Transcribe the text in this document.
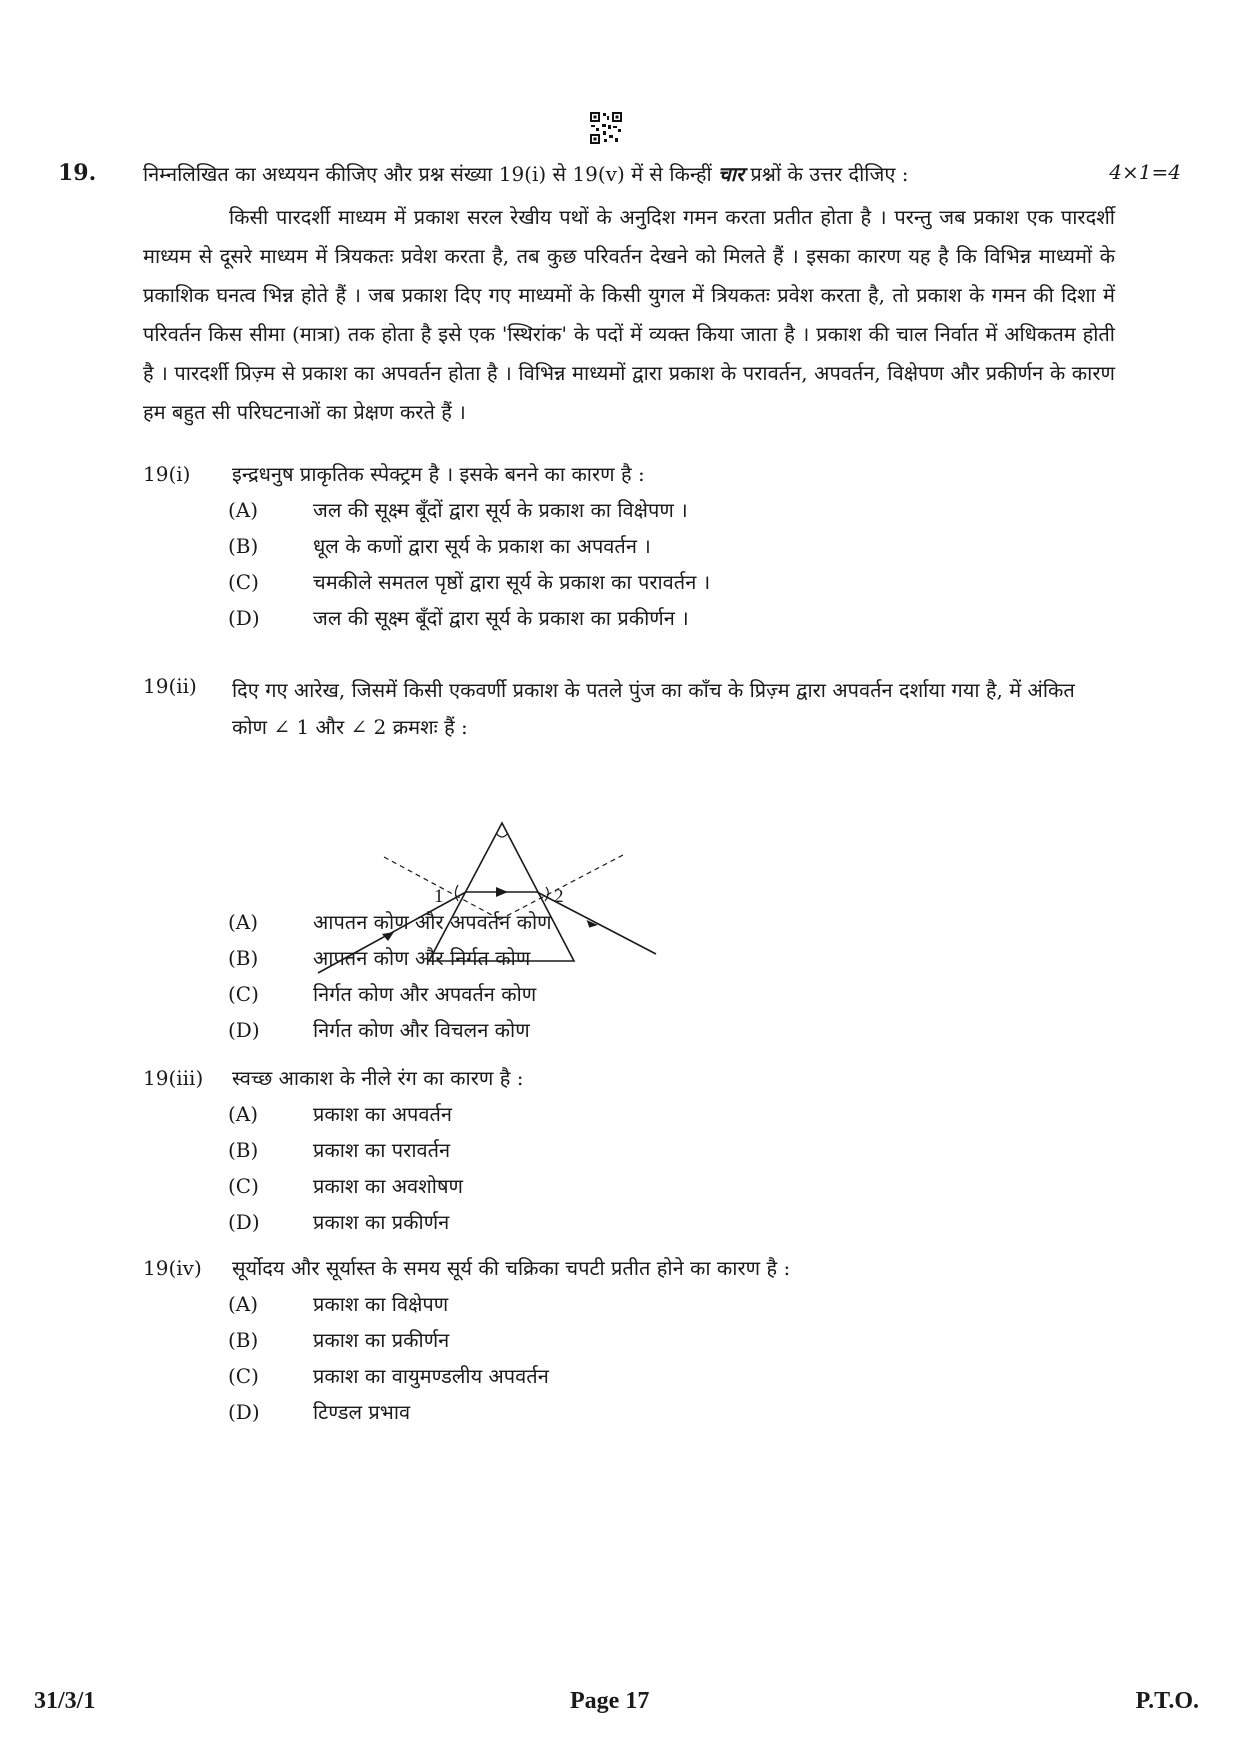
19. निम्नलिखित का अध्ययन कीजिए और प्रश्न संख्या 19(i) से 19(v) में से किन्हीं चार प्रश्नों के उत्तर दीजिए :	4×1=4
किसी पारदर्शी माध्यम में प्रकाश सरल रेखीय पथों के अनुदिश गमन करता प्रतीत होता है । परन्तु जब प्रकाश एक पारदर्शी माध्यम से दूसरे माध्यम में त्रियकतः प्रवेश करता है, तब कुछ परिवर्तन देखने को मिलते हैं । इसका कारण यह है कि विभिन्न माध्यमों के प्रकाशिक घनत्व भिन्न होते हैं । जब प्रकाश दिए गए माध्यमों के किसी युगल में त्रियकतः प्रवेश करता है, तो प्रकाश के गमन की दिशा में परिवर्तन किस सीमा (मात्रा) तक होता है इसे एक 'स्थिरांक' के पदों में व्यक्त किया जाता है । प्रकाश की चाल निर्वात में अधिकतम होती है । पारदर्शी प्रिज़्म से प्रकाश का अपवर्तन होता है । विभिन्न माध्यमों द्वारा प्रकाश के परावर्तन, अपवर्तन, विक्षेपण और प्रकीर्णन के कारण हम बहुत सी परिघटनाओं का प्रेक्षण करते हैं ।
19(i) इन्द्रधनुष प्राकृतिक स्पेक्ट्रम है । इसके बनने का कारण है :
(A)	जल की सूक्ष्म बूँदों द्वारा सूर्य के प्रकाश का विक्षेपण ।
(B)	धूल के कणों द्वारा सूर्य के प्रकाश का अपवर्तन ।
(C)	चमकीले समतल पृष्ठों द्वारा सूर्य के प्रकाश का परावर्तन ।
(D)	जल की सूक्ष्म बूँदों द्वारा सूर्य के प्रकाश का प्रकीर्णन ।
19(ii) दिए गए आरेख, जिसमें किसी एकवर्णी प्रकाश के पतले पुंज का काँच के प्रिज़्म द्वारा अपवर्तन दर्शाया गया है, में अंकित कोण ∠ 1 और ∠ 2 क्रमशः हैं :
1	2
(A)	आपतन कोण और अपवर्तन कोण
(B)	आपतन कोण और निर्गत कोण
(C)	निर्गत कोण और अपवर्तन कोण
(D)	निर्गत कोण और विचलन कोण
19(iii) स्वच्छ आकाश के नीले रंग का कारण है :
(A)	प्रकाश का अपवर्तन
(B)	प्रकाश का परावर्तन
(C)	प्रकाश का अवशोषण
(D)	प्रकाश का प्रकीर्णन
19(iv) सूर्योदय और सूर्यास्त के समय सूर्य की चक्रिका चपटी प्रतीत होने का कारण है :
(A)	प्रकाश का विक्षेपण
(B)	प्रकाश का प्रकीर्णन
(C)	प्रकाश का वायुमण्डलीय अपवर्तन
(D)	टिण्डल प्रभाव
31/3/1	Page 17	P.T.O.
